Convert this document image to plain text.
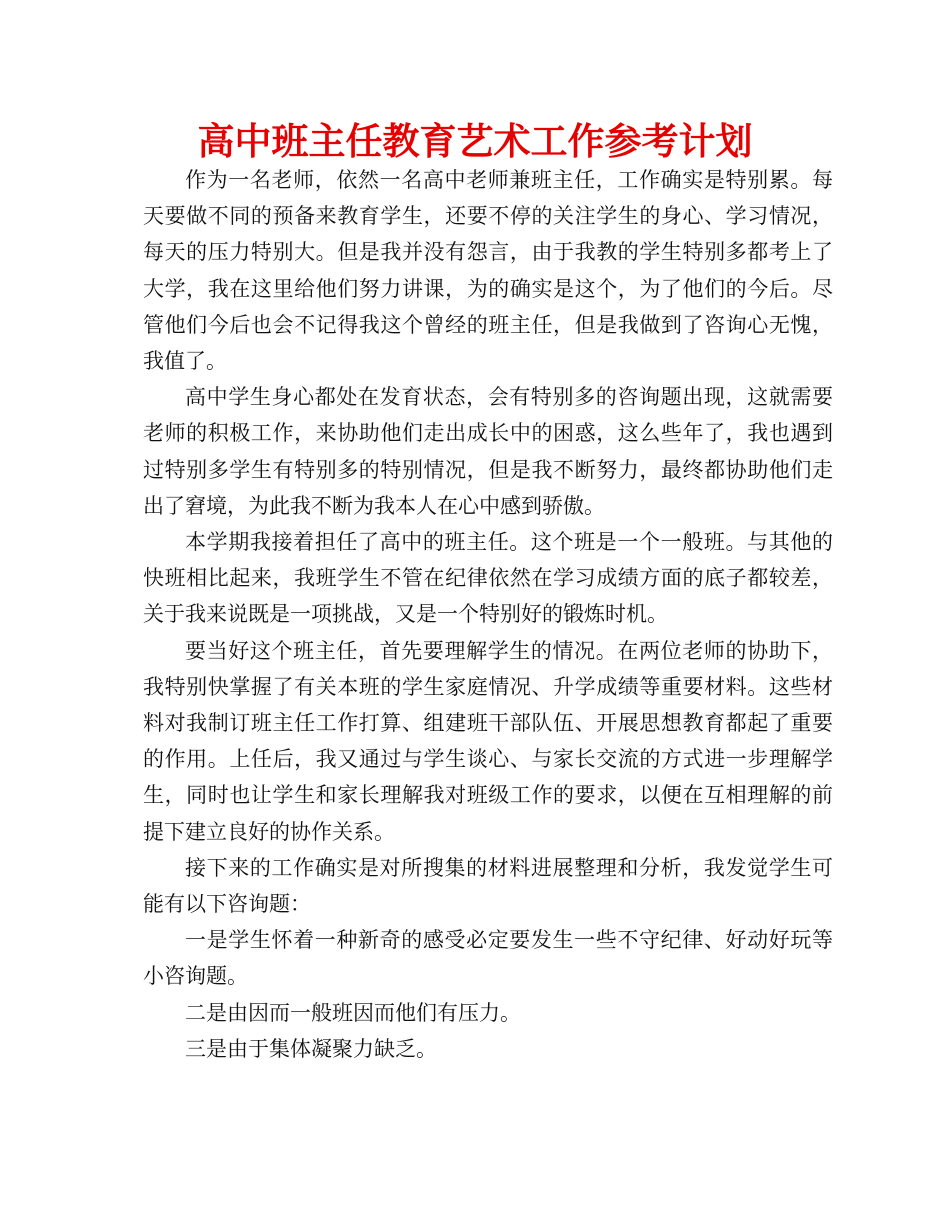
高中班主任教育艺术工作参考计划

作为一名老师，依然一名高中老师兼班主任，工作确实是特别累。每天要做不同的预备来教育学生，还要不停的关注学生的身心、学习情况，每天的压力特别大。但是我并没有怨言，由于我教的学生特别多都考上了大学，我在这里给他们努力讲课，为的确实是这个，为了他们的今后。尽管他们今后也会不记得我这个曾经的班主任，但是我做到了咨询心无愧，我值了。

高中学生身心都处在发育状态，会有特别多的咨询题出现，这就需要老师的积极工作，来协助他们走出成长中的困惑，这么些年了，我也遇到过特别多学生有特别多的特别情况，但是我不断努力，最终都协助他们走出了窘境，为此我不断为我本人在心中感到骄傲。

本学期我接着担任了高中的班主任。这个班是一个一般班。与其他的快班相比起来，我班学生不管在纪律依然在学习成绩方面的底子都较差，关于我来说既是一项挑战，又是一个特别好的锻炼时机。

要当好这个班主任，首先要理解学生的情况。在两位老师的协助下，我特别快掌握了有关本班的学生家庭情况、升学成绩等重要材料。这些材料对我制订班主任工作打算、组建班干部队伍、开展思想教育都起了重要的作用。上任后，我又通过与学生谈心、与家长交流的方式进一步理解学生，同时也让学生和家长理解我对班级工作的要求，以便在互相理解的前提下建立良好的协作关系。

接下来的工作确实是对所搜集的材料进展整理和分析，我发觉学生可能有以下咨询题：

一是学生怀着一种新奇的感受必定要发生一些不守纪律、好动好玩等小咨询题。

二是由因而一般班因而他们有压力。

三是由于集体凝聚力缺乏。
